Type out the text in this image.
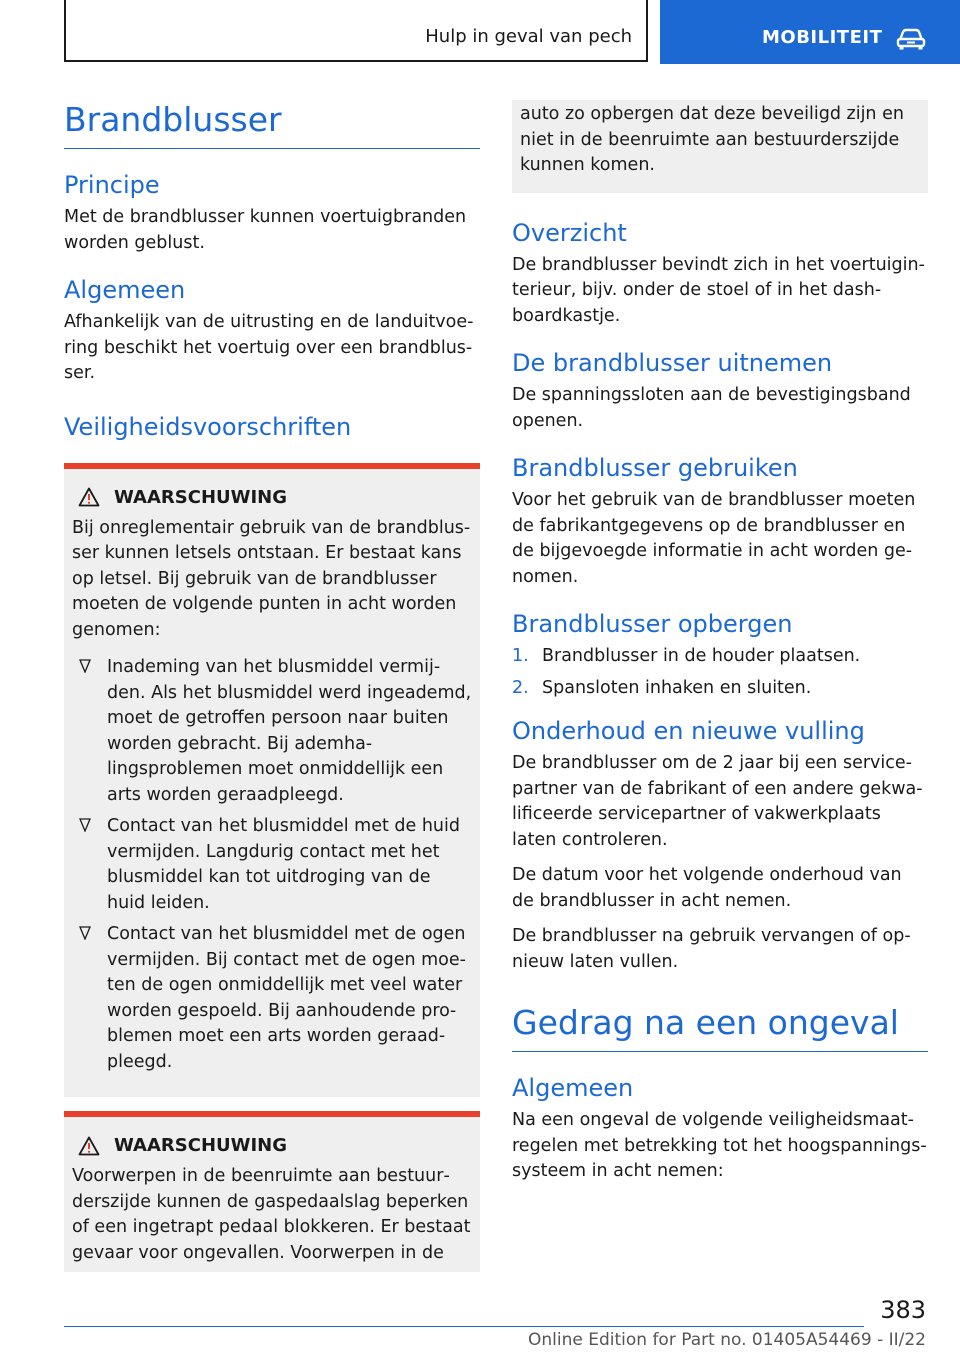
Hulp in geval van pech	MOBILITEIT
Brandblusser
Principe

Met de brandblusser kunnen voertuigbranden worden geblust.

Algemeen

Afhankelijk van de uitrusting en de landuitvoering beschikt het voertuig over een brandblusser.

Veiligheidsvoorschriften
WAARSCHUWING

Bij onreglementair gebruik van de brandblusser kunnen letsels ontstaan. Er bestaat kans op letsel. Bij gebruik van de brandblusser moeten de volgende punten in acht worden genomen:

Inademing van het blusmiddel vermijden. Als het blusmiddel werd ingeademd, moet de getroffen persoon naar buiten worden gebracht. Bij ademhalingsproblemen moet onmiddellijk een arts worden geraadpleegd.
Contact van het blusmiddel met de huid vermijden. Langdurig contact met het blusmiddel kan tot uitdroging van de huid leiden.
Contact van het blusmiddel met de ogen vermijden. Bij contact met de ogen moeten de ogen onmiddellijk met veel water worden gespoeld. Bij aanhoudende problemen moet een arts worden geraadpleegd.
WAARSCHUWING

Voorwerpen in de beenruimte aan bestuurderszijde kunnen de gaspedaalslag beperken of een ingetrapt pedaal blokkeren. Er bestaat gevaar voor ongevallen. Voorwerpen in de

auto zo opbergen dat deze beveiligd zijn en niet in de beenruimte aan bestuurderszijde kunnen komen.

Overzicht

De brandblusser bevindt zich in het voertuiginterieur, bijv. onder de stoel of in het dashboardkastje.

De brandblusser uitnemen

De spanningssloten aan de bevestigingsband openen.

Brandblusser gebruiken

Voor het gebruik van de brandblusser moeten de fabrikantgegevens op de brandblusser en de bijgevoegde informatie in acht worden genomen.

Brandblusser opbergen
1. Brandblusser in de houder plaatsen.
2. Spansloten inhaken en sluiten.
Onderhoud en nieuwe vulling

De brandblusser om de 2 jaar bij een servicepartner van de fabrikant of een andere gekwalificeerde servicepartner of vakwerkplaats laten controleren.

De datum voor het volgende onderhoud van de brandblusser in acht nemen.

De brandblusser na gebruik vervangen of opnieuw laten vullen.

Gedrag na een ongeval
Algemeen

Na een ongeval de volgende veiligheidsmaatregelen met betrekking tot het hoogspanningssysteem in acht nemen:

383
Online Edition for Part no. 01405A54469 - II/22
